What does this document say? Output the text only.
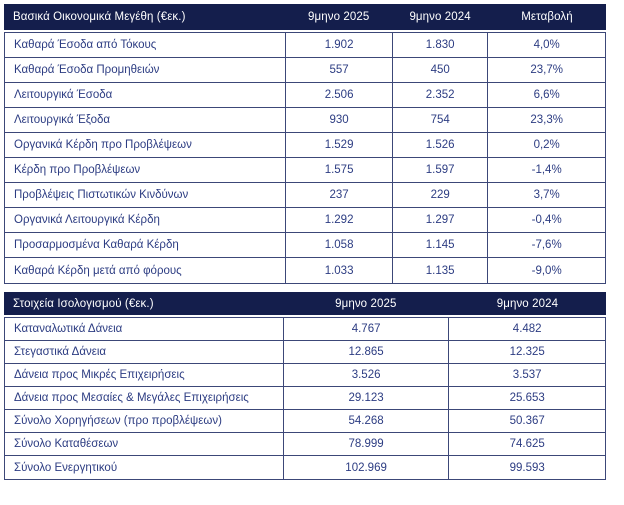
Βασικά Οικονομικά Μεγέθη (€εκ.)	9μηνο 2025	9μηνο 2024	Μεταβολή
Καθαρά Έσοδα από Τόκους	1.902	1.830	4,0%
Καθαρά Έσοδα Προμηθειών	557	450	23,7%
Λειτουργικά Έσοδα	2.506	2.352	6,6%
Λειτουργικά Έξοδα	930	754	23,3%
Οργανικά Κέρδη προ Προβλέψεων	1.529	1.526	0,2%
Κέρδη προ Προβλέψεων	1.575	1.597	-1,4%
Προβλέψεις Πιστωτικών Κινδύνων	237	229	3,7%
Οργανικά Λειτουργικά Κέρδη	1.292	1.297	-0,4%
Προσαρμοσμένα Καθαρά Κέρδη	1.058	1.145	-7,6%
Καθαρά Κέρδη μετά από φόρους	1.033	1.135	-9,0%
Στοιχεία Ισολογισμού (€εκ.)	9μηνο 2025	9μηνο 2024
Καταναλωτικά Δάνεια	4.767	4.482
Στεγαστικά Δάνεια	12.865	12.325
Δάνεια προς Μικρές Επιχειρήσεις	3.526	3.537
Δάνεια προς Μεσαίες & Μεγάλες Επιχειρήσεις	29.123	25.653
Σύνολο Χορηγήσεων (προ προβλέψεων)	54.268	50.367
Σύνολο Καταθέσεων	78.999	74.625
Σύνολο Ενεργητικού	102.969	99.593
